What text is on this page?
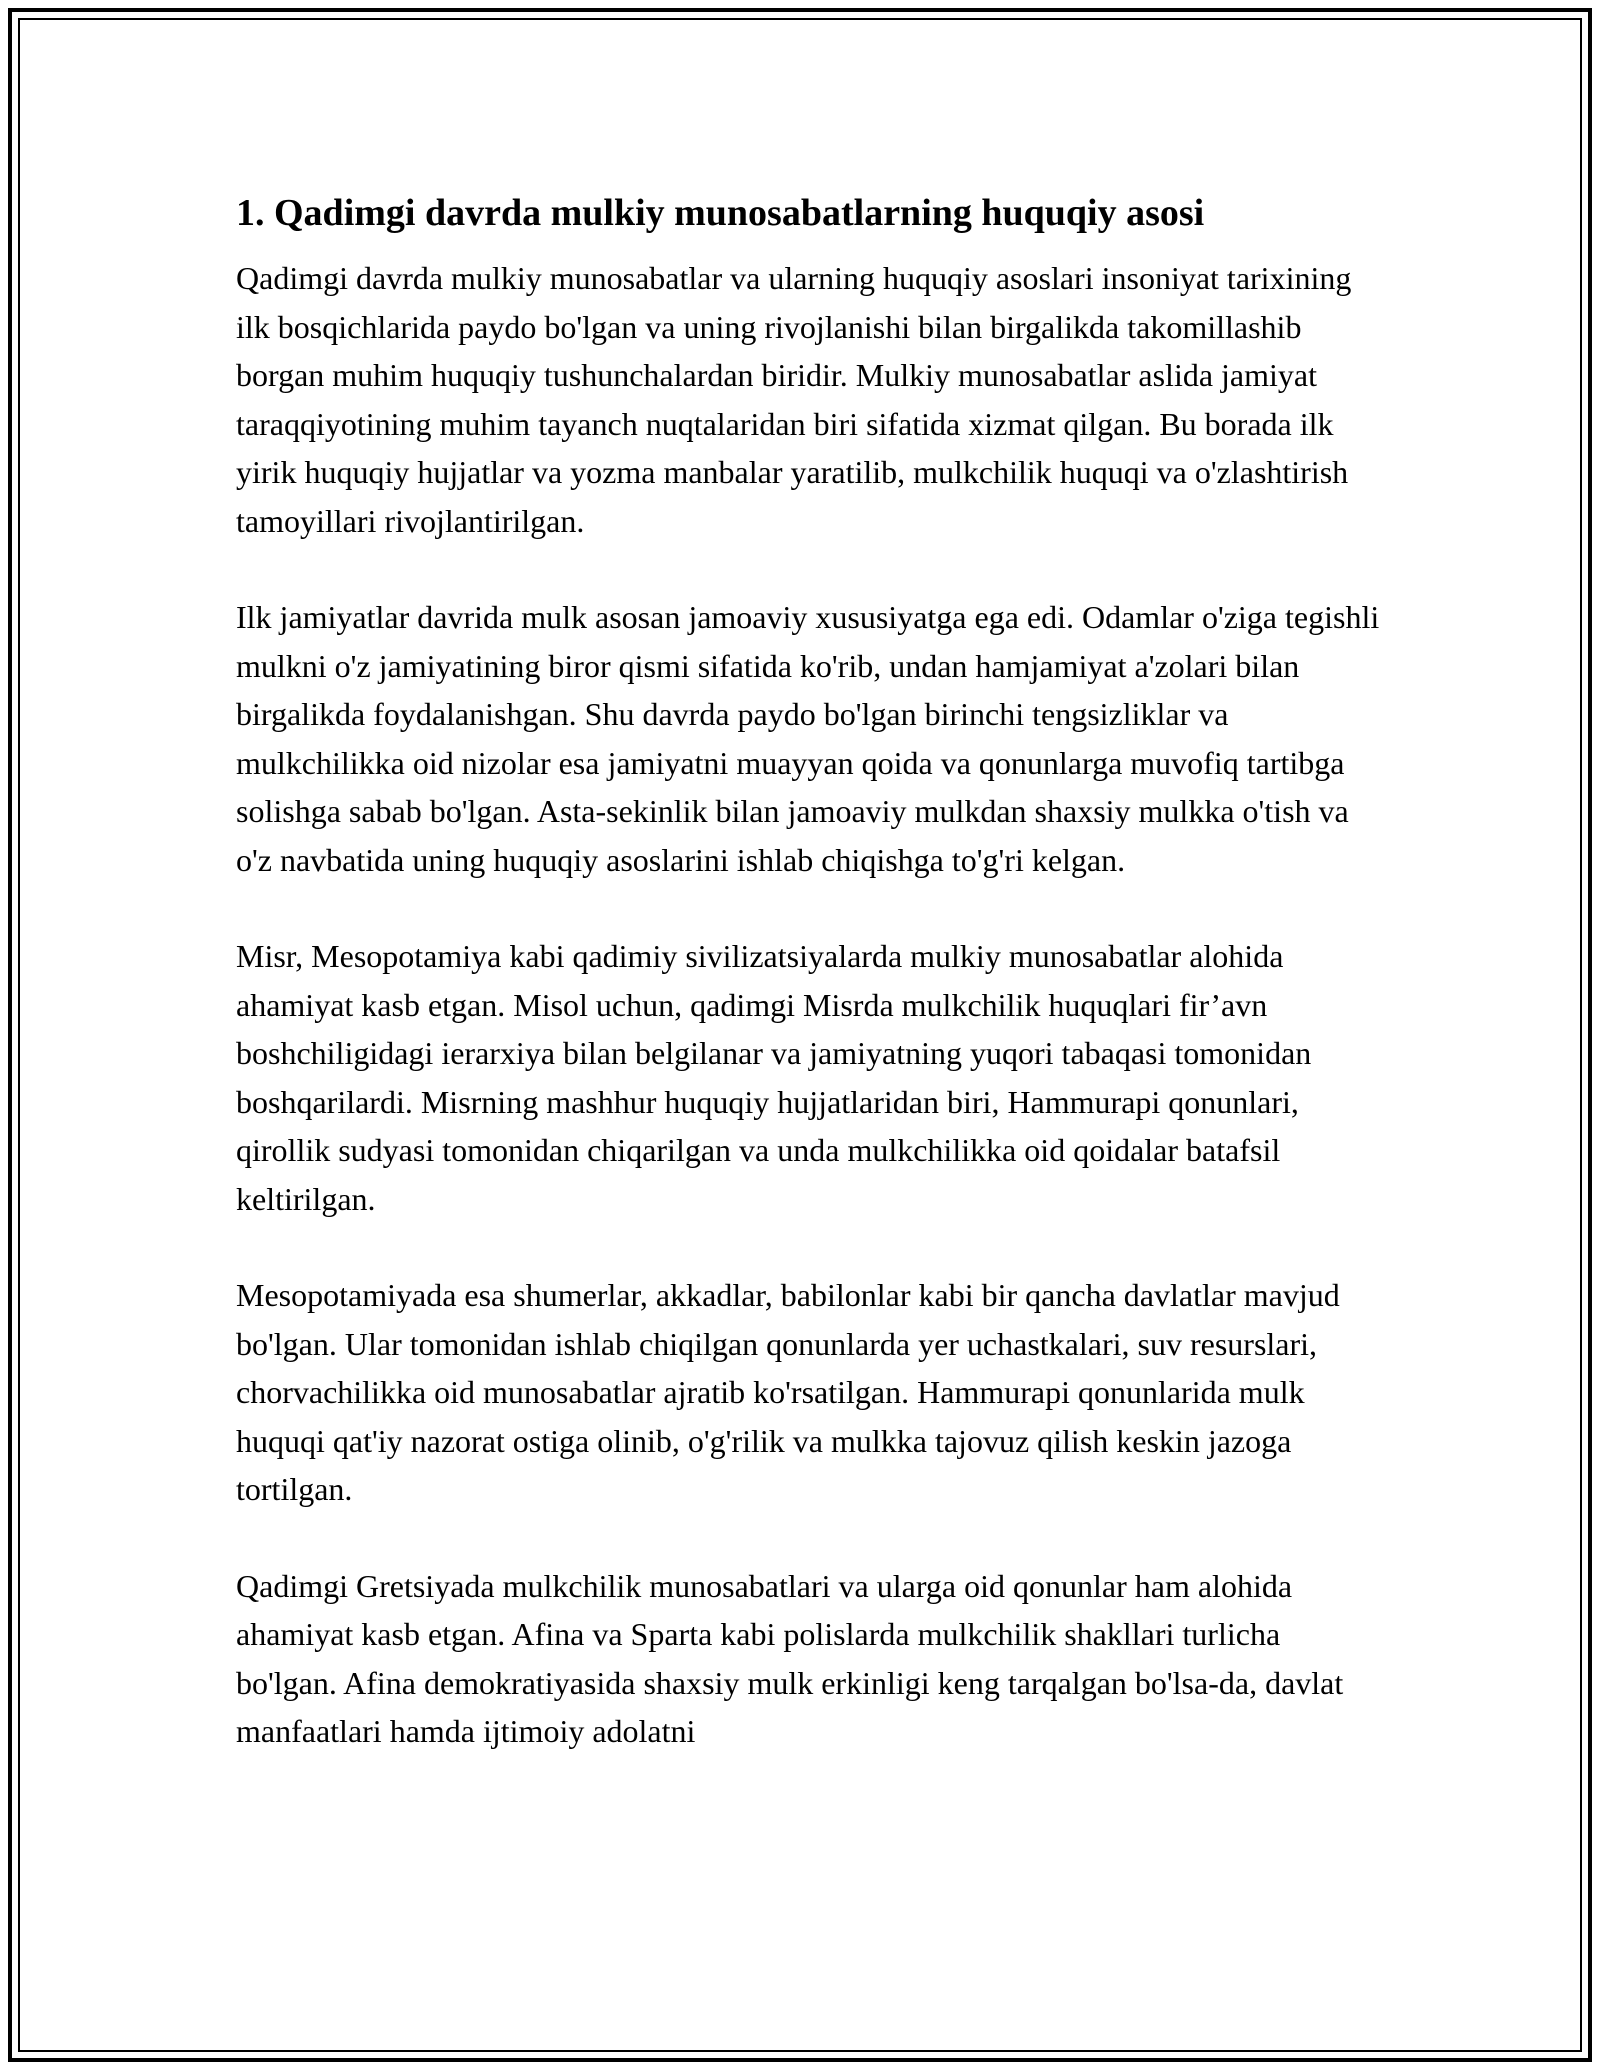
1. Qadimgi davrda mulkiy munosabatlarning huquqiy asosi

Qadimgi davrda mulkiy munosabatlar va ularning huquqiy asoslari insoniyat tarixining ilk bosqichlarida paydo bo'lgan va uning rivojlanishi bilan birgalikda takomillashib borgan muhim huquqiy tushunchalardan biridir. Mulkiy munosabatlar aslida jamiyat taraqqiyotining muhim tayanch nuqtalaridan biri sifatida xizmat qilgan. Bu borada ilk yirik huquqiy hujjatlar va yozma manbalar yaratilib, mulkchilik huquqi va o'zlashtirish tamoyillari rivojlantirilgan.

Ilk jamiyatlar davrida mulk asosan jamoaviy xususiyatga ega edi. Odamlar o'ziga tegishli mulkni o'z jamiyatining biror qismi sifatida ko'rib, undan hamjamiyat a'zolari bilan birgalikda foydalanishgan. Shu davrda paydo bo'lgan birinchi tengsizliklar va mulkchilikka oid nizolar esa jamiyatni muayyan qoida va qonunlarga muvofiq tartibga solishga sabab bo'lgan. Asta-sekinlik bilan jamoaviy mulkdan shaxsiy mulkka o'tish va o'z navbatida uning huquqiy asoslarini ishlab chiqishga to'g'ri kelgan.

Misr, Mesopotamiya kabi qadimiy sivilizatsiyalarda mulkiy munosabatlar alohida ahamiyat kasb etgan. Misol uchun, qadimgi Misrda mulkchilik huquqlari fir’avn boshchiligidagi ierarxiya bilan belgilanar va jamiyatning yuqori tabaqasi tomonidan boshqarilardi. Misrning mashhur huquqiy hujjatlaridan biri, Hammurapi qonunlari, qirollik sudyasi tomonidan chiqarilgan va unda mulkchilikka oid qoidalar batafsil keltirilgan.

Mesopotamiyada esa shumerlar, akkadlar, babilonlar kabi bir qancha davlatlar mavjud bo'lgan. Ular tomonidan ishlab chiqilgan qonunlarda yer uchastkalari, suv resurslari, chorvachilikka oid munosabatlar ajratib ko'rsatilgan. Hammurapi qonunlarida mulk huquqi qat'iy nazorat ostiga olinib, o'g'rilik va mulkka tajovuz qilish keskin jazoga tortilgan.

Qadimgi Gretsiyada mulkchilik munosabatlari va ularga oid qonunlar ham alohida ahamiyat kasb etgan. Afina va Sparta kabi polislarda mulkchilik shakllari turlicha bo'lgan. Afina demokratiyasida shaxsiy mulk erkinligi keng tarqalgan bo'lsa-da, davlat manfaatlari hamda ijtimoiy adolatni
